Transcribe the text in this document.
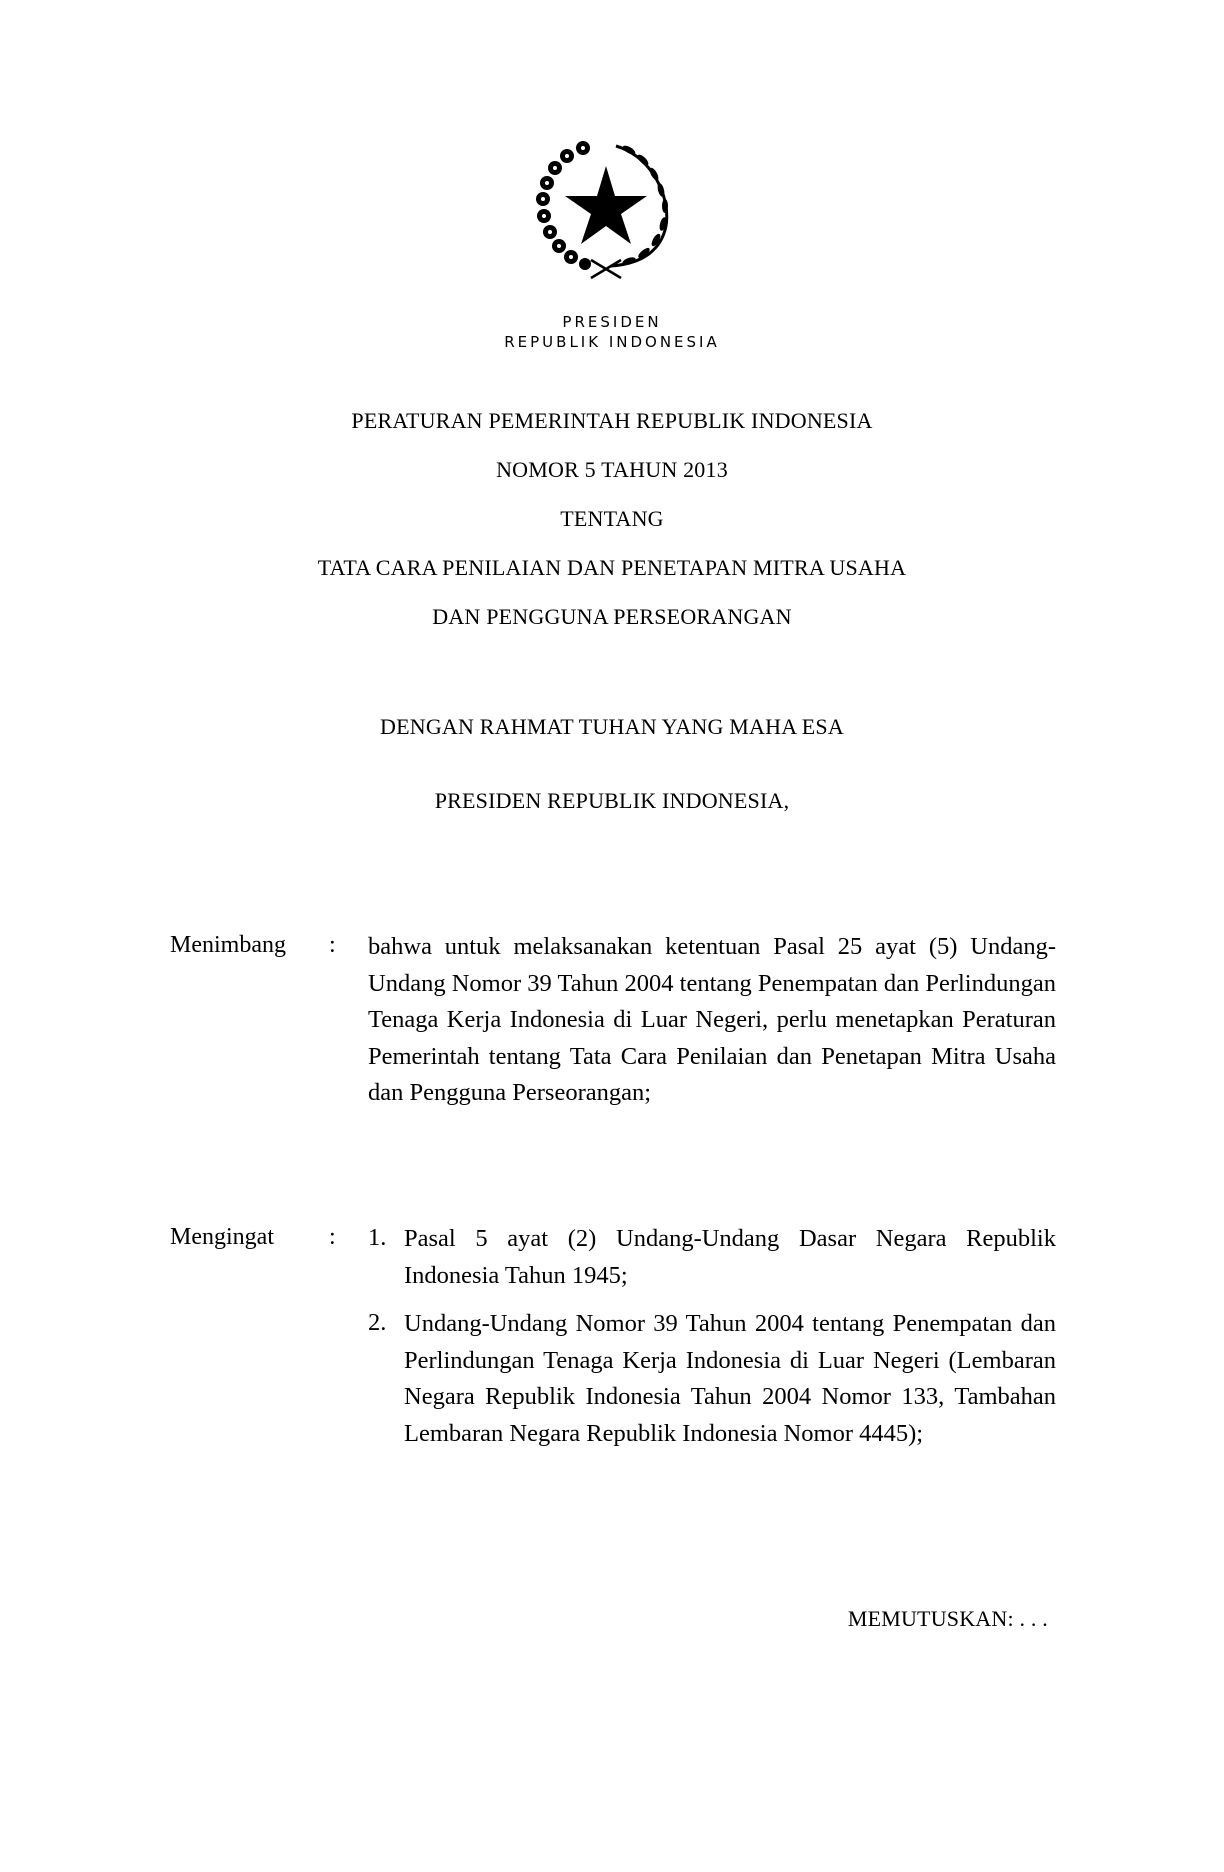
PRESIDEN
REPUBLIK INDONESIA
PERATURAN PEMERINTAH REPUBLIK INDONESIA
NOMOR 5 TAHUN 2013
TENTANG
TATA CARA PENILAIAN DAN PENETAPAN MITRA USAHA
DAN PENGGUNA PERSEORANGAN
DENGAN RAHMAT TUHAN YANG MAHA ESA
PRESIDEN REPUBLIK INDONESIA,
Menimbang : bahwa untuk melaksanakan ketentuan Pasal 25 ayat (5) Undang-Undang Nomor 39 Tahun 2004 tentang Penempatan dan Perlindungan Tenaga Kerja Indonesia di Luar Negeri, perlu menetapkan Peraturan Pemerintah tentang Tata Cara Penilaian dan Penetapan Mitra Usaha dan Pengguna Perseorangan;
Mengingat : 1. Pasal 5 ayat (2) Undang-Undang Dasar Negara Republik Indonesia Tahun 1945;
2. Undang-Undang Nomor 39 Tahun 2004 tentang Penempatan dan Perlindungan Tenaga Kerja Indonesia di Luar Negeri (Lembaran Negara Republik Indonesia Tahun 2004 Nomor 133, Tambahan Lembaran Negara Republik Indonesia Nomor 4445);
MEMUTUSKAN: . . .
